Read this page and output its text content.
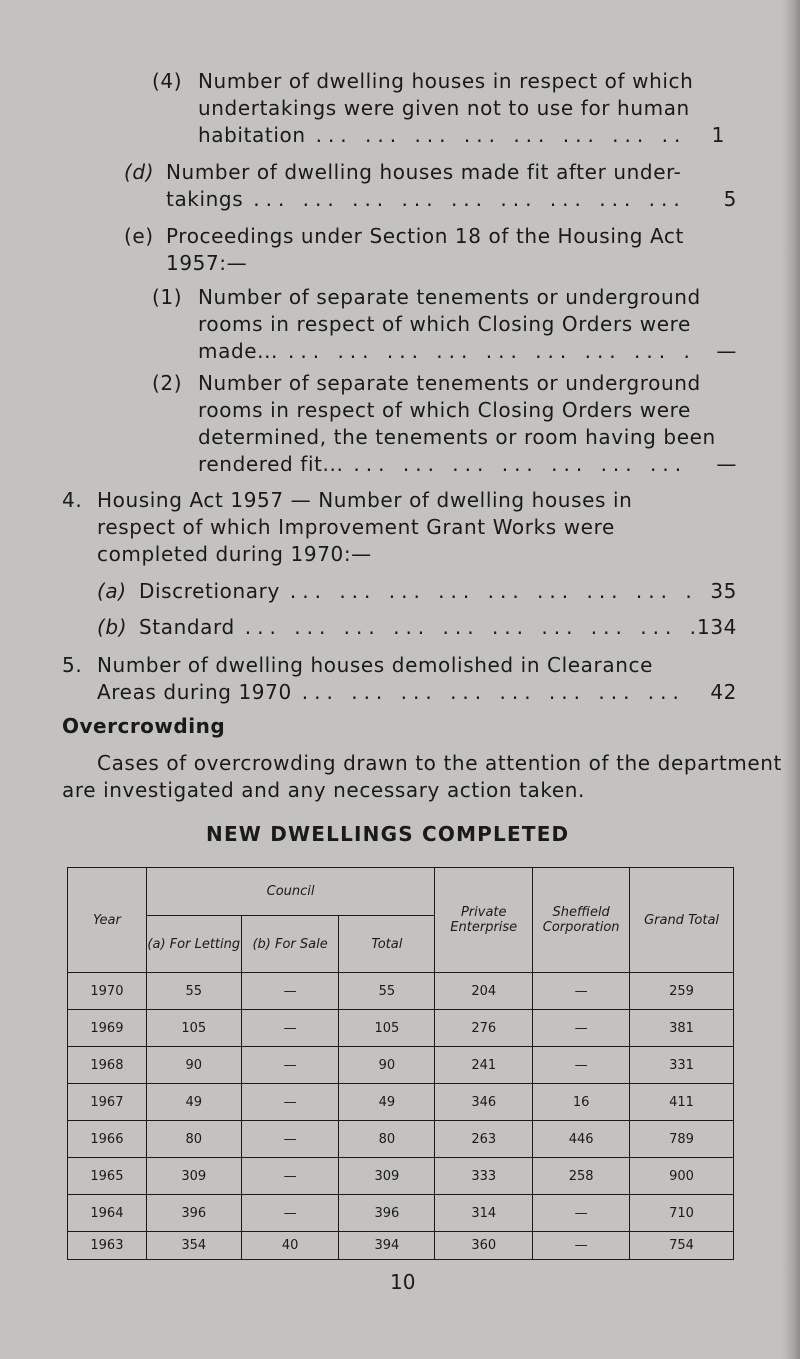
(4) Number of dwelling houses in respect of which
undertakings were given not to use for human
habitation ... .	1
(d) Number of dwelling houses made fit after under-
takings ... .	5
(e) Proceedings under Section 18 of the Housing Act
1957:—
(1) Number of separate tenements or underground
rooms in respect of which Closing Orders were
made... ... .	—
(2) Number of separate tenements or underground
rooms in respect of which Closing Orders were
determined, the tenements or room having been
rendered fit... ... .	—
4. Housing Act 1957 — Number of dwelling houses in
respect of which Improvement Grant Works were
completed during 1970:—
(a) Discretionary ... .	35
(b) Standard ... .	134
5. Number of dwelling houses demolished in Clearance
Areas during 1970 ... .	42
Overcrowding
Cases of overcrowding drawn to the attention of the department
are investigated and any necessary action taken.
NEW DWELLINGS COMPLETED
Year	Council			Private Enterprise	Sheffield Corporation	Grand Total
	(a) For Letting	(b) For Sale	Total			
1970	55	—	55	204	—	259
1969	105	—	105	276	—	381
1968	90	—	90	241	—	331
1967	49	—	49	346	16	411
1966	80	—	80	263	446	789
1965	309	—	309	333	258	900
1964	396	—	396	314	—	710
1963	354	40	394	360	—	754
10
